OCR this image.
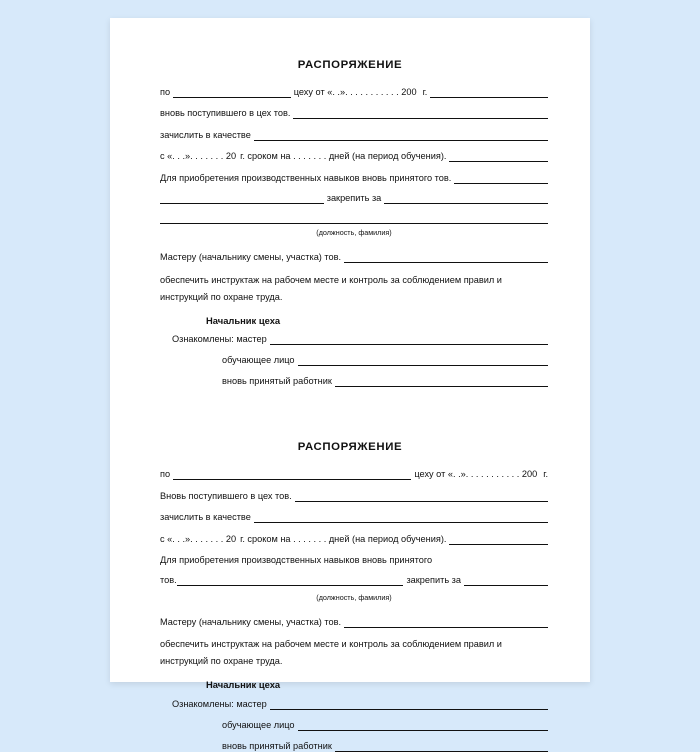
РАСПОРЯЖЕНИЕ
по	цеху от «. .». . . . . . . . . . . 200 г.
вновь поступившего в цех тов.
зачислить в качестве
с «. . .». . . . . . . 20 г. сроком на . . . . . . . дней (на период обучения).
Для приобретения производственных навыков вновь принятого тов.
закрепить за
(должность, фамилия)
Мастеру (начальнику смены, участка) тов.
обеспечить инструктаж на рабочем месте и контроль за соблюдением правил и
инструкций по охране труда.
Начальник цеха
Ознакомлены: мастер
обучающее лицо
вновь принятый работник
РАСПОРЯЖЕНИЕ
по	цеху от «. .». . . . . . . . . . . 200 г.
Вновь поступившего в цех тов.
зачислить в качестве
с «. . .». . . . . . . 20 г. сроком на . . . . . . . дней (на период обучения).
Для приобретения производственных навыков вновь принятого
тов.	закрепить за
(должность, фамилия)
Мастеру (начальнику смены, участка) тов.
обеспечить инструктаж на рабочем месте и контроль за соблюдением правил и
инструкций по охране труда.
Начальник цеха
Ознакомлены: мастер
обучающее лицо
вновь принятый работник
